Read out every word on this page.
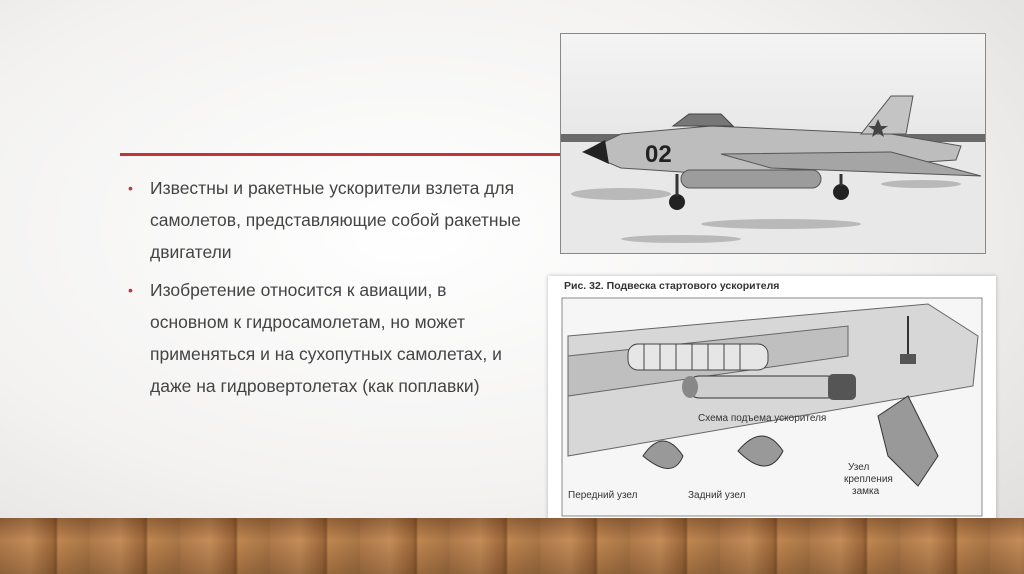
• Известны и ракетные ускорители взлета для самолетов, представляющие собой ракетные двигатели
• Изобретение относится к авиации, в основном к гидросамолетам, но может применяться и на сухопутных самолетах, и даже на гидровертолетах (как поплавки)
02
Рис. 32. Подвеска стартового ускорителя
Схема подъема ускорителя
Передний узел	Задний узел
Узел
крепления
замка
